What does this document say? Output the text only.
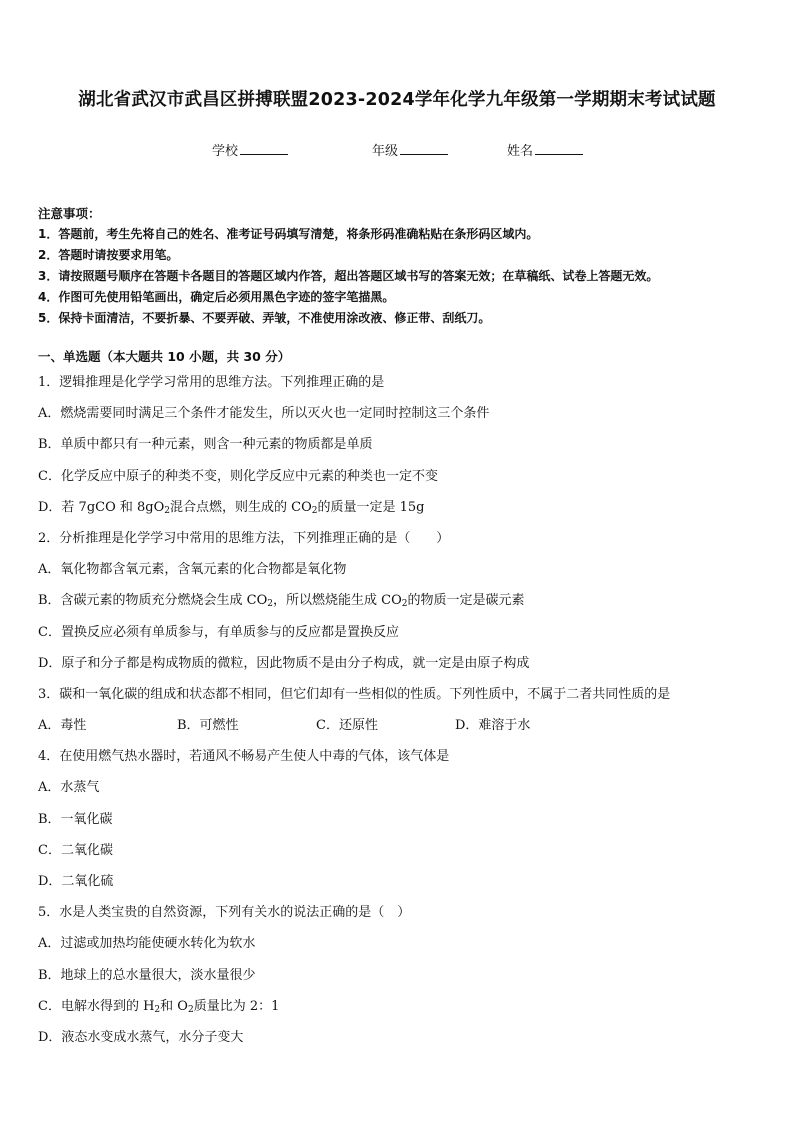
湖北省武汉市武昌区拼搏联盟2023-2024学年化学九年级第一学期期末考试试题
学校	年级	姓名
注意事项：
1．答题前，考生先将自己的姓名、准考证号码填写清楚，将条形码准确粘贴在条形码区域内。
2．答题时请按要求用笔。
3．请按照题号顺序在答题卡各题目的答题区域内作答，超出答题区域书写的答案无效；在草稿纸、试卷上答题无效。
4．作图可先使用铅笔画出，确定后必须用黑色字迹的签字笔描黑。
5．保持卡面清洁，不要折暴、不要弄破、弄皱，不准使用涂改液、修正带、刮纸刀。
一、单选题（本大题共 10 小题，共 30 分）
1．逻辑推理是化学学习常用的思维方法。下列推理正确的是
A．燃烧需要同时满足三个条件才能发生，所以灭火也一定同时控制这三个条件
B．单质中都只有一种元素，则含一种元素的物质都是单质
C．化学反应中原子的种类不变，则化学反应中元素的种类也一定不变
D．若 7gCO 和 $8gO_2$混合点燃，则生成的 $CO_2$的质量一定是 15g
2．分析推理是化学学习中常用的思维方法，下列推理正确的是（　　）
A．氧化物都含氧元素，含氧元素的化合物都是氧化物
B．含碳元素的物质充分燃烧会生成 $CO_2$，所以燃烧能生成 $CO_2$的物质一定是碳元素
C．置换反应必须有单质参与，有单质参与的反应都是置换反应
D．原子和分子都是构成物质的微粒，因此物质不是由分子构成，就一定是由原子构成
3．碳和一氧化碳的组成和状态都不相同，但它们却有一些相似的性质。下列性质中，不属于二者共同性质的是
A．毒性	B．可燃性	C．还原性	D．难溶于水
4．在使用燃气热水器时，若通风不畅易产生使人中毒的气体，该气体是
A．水蒸气
B．一氧化碳
C．二氧化碳
D．二氧化硫
5．水是人类宝贵的自然资源，下列有关水的说法正确的是（　）
A．过滤或加热均能使硬水转化为软水
B．地球上的总水量很大，淡水量很少
C．电解水得到的 $H_2$和 $O_2$质量比为 2：1
D．液态水变成水蒸气，水分子变大
